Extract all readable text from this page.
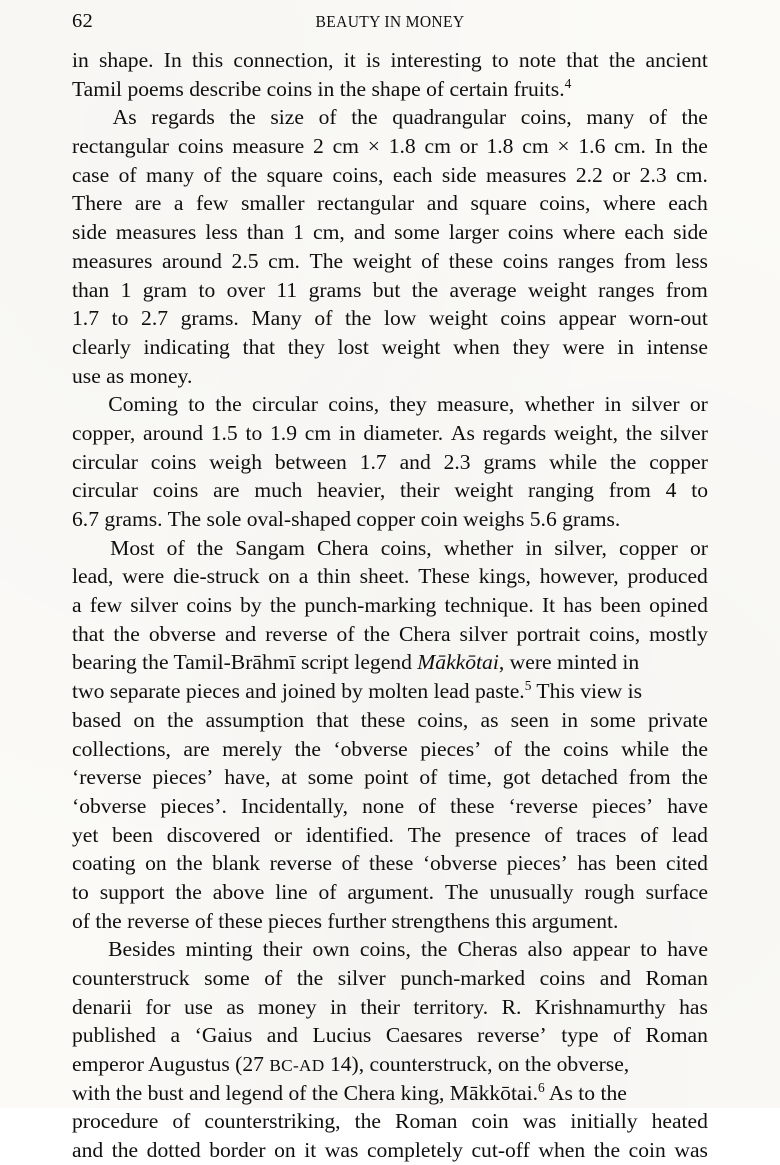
62	BEAUTY IN MONEY

in shape. In this connection, it is interesting to note that the ancient
Tamil poems describe coins in the shape of certain fruits.$^4$

As regards the size of the quadrangular coins, many of the
rectangular coins measure 2 cm × 1.8 cm or 1.8 cm × 1.6 cm. In the
case of many of the square coins, each side measures 2.2 or 2.3 cm.
There are a few smaller rectangular and square coins, where each
side measures less than 1 cm, and some larger coins where each side
measures around 2.5 cm. The weight of these coins ranges from less
than 1 gram to over 11 grams but the average weight ranges from
1.7 to 2.7 grams. Many of the low weight coins appear worn-out
clearly indicating that they lost weight when they were in intense
use as money.

Coming to the circular coins, they measure, whether in silver or
copper, around 1.5 to 1.9 cm in diameter. As regards weight, the silver
circular coins weigh between 1.7 and 2.3 grams while the copper
circular coins are much heavier, their weight ranging from 4 to
6.7 grams. The sole oval-shaped copper coin weighs 5.6 grams.

Most of the Sangam Chera coins, whether in silver, copper or
lead, were die-struck on a thin sheet. These kings, however, produced
a few silver coins by the punch-marking technique. It has been opined
that the obverse and reverse of the Chera silver portrait coins, mostly
bearing the Tamil-Brāhmī script legend Mākkōtai, were minted in
two separate pieces and joined by molten lead paste.$^5$ This view is
based on the assumption that these coins, as seen in some private
collections, are merely the ‘obverse pieces’ of the coins while the
‘reverse pieces’ have, at some point of time, got detached from the
‘obverse pieces’. Incidentally, none of these ‘reverse pieces’ have
yet been discovered or identified. The presence of traces of lead
coating on the blank reverse of these ‘obverse pieces’ has been cited
to support the above line of argument. The unusually rough surface
of the reverse of these pieces further strengthens this argument.

Besides minting their own coins, the Cheras also appear to have
counterstruck some of the silver punch-marked coins and Roman
denarii for use as money in their territory. R. Krishnamurthy has
published a ‘Gaius and Lucius Caesares reverse’ type of Roman
emperor Augustus (27 BC-AD 14), counterstruck, on the obverse,
with the bust and legend of the Chera king, Mākkōtai.$^6$ As to the
procedure of counterstriking, the Roman coin was initially heated
and the dotted border on it was completely cut-off when the coin was
